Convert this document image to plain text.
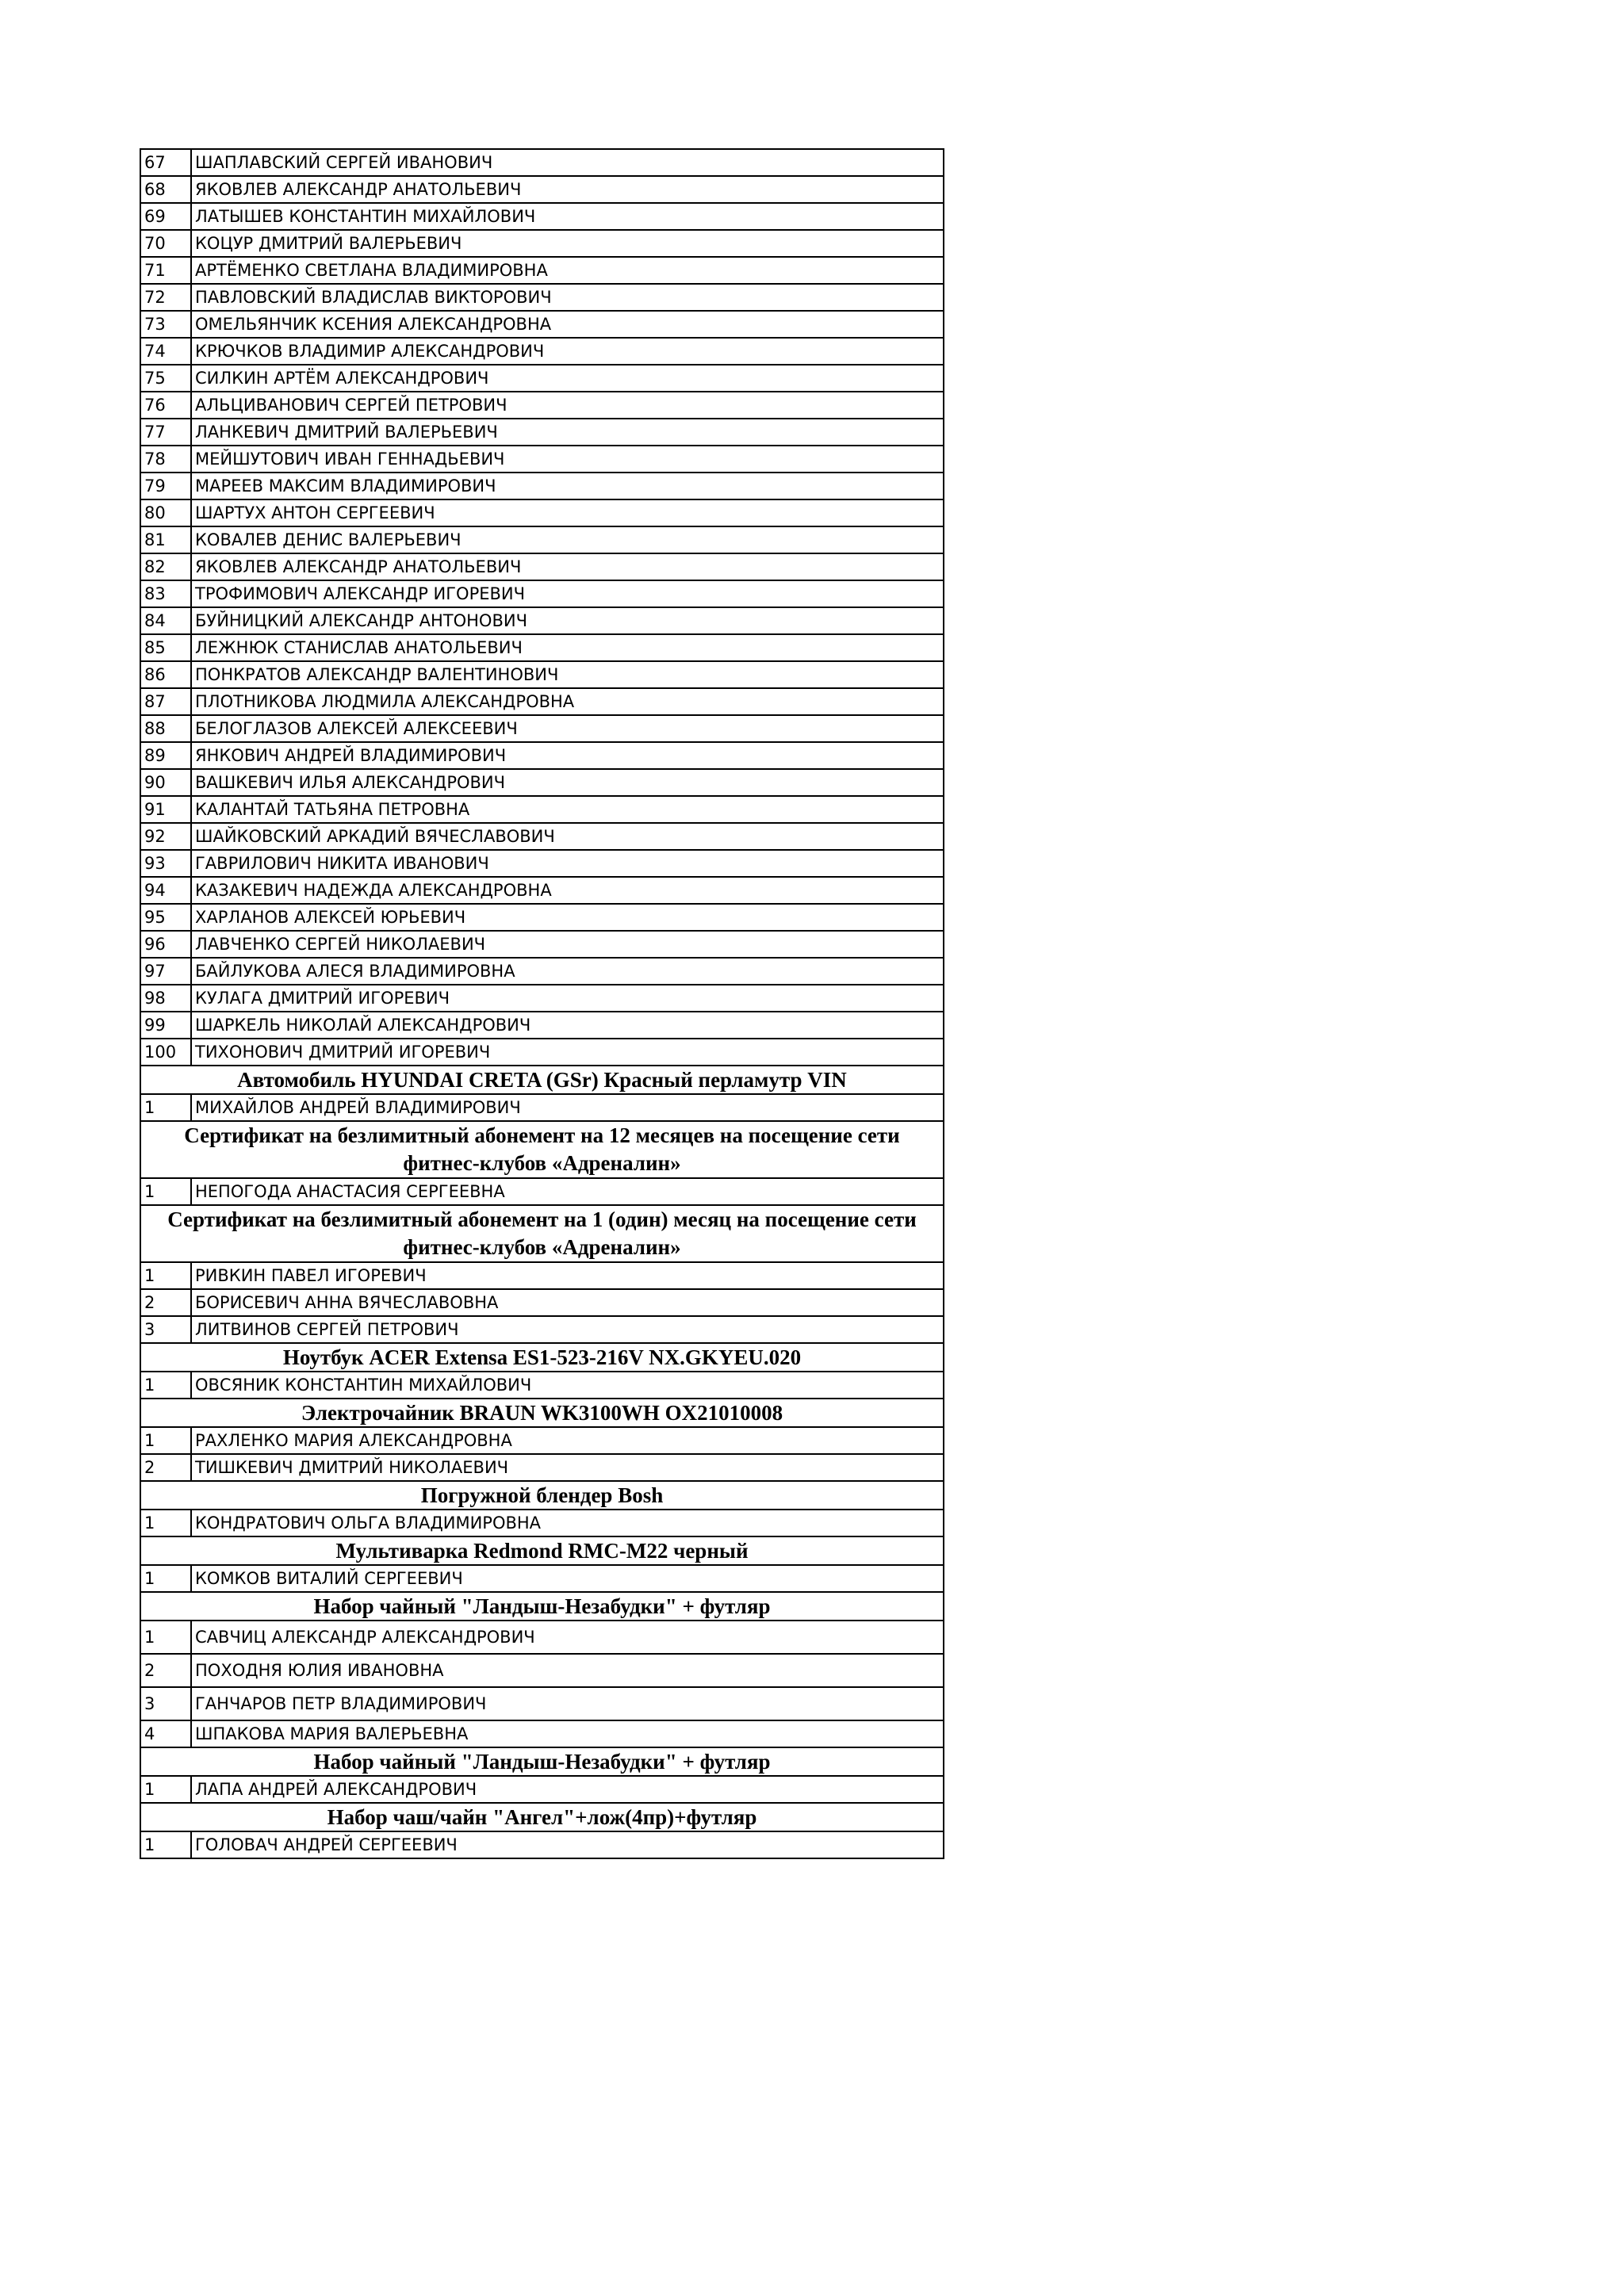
67	ШАПЛАВСКИЙ СЕРГЕЙ ИВАНОВИЧ
68	ЯКОВЛЕВ АЛЕКСАНДР АНАТОЛЬЕВИЧ
69	ЛАТЫШЕВ КОНСТАНТИН МИХАЙЛОВИЧ
70	КОЦУР ДМИТРИЙ ВАЛЕРЬЕВИЧ
71	АРТЁМЕНКО СВЕТЛАНА ВЛАДИМИРОВНА
72	ПАВЛОВСКИЙ ВЛАДИСЛАВ ВИКТОРОВИЧ
73	ОМЕЛЬЯНЧИК КСЕНИЯ АЛЕКСАНДРОВНА
74	КРЮЧКОВ ВЛАДИМИР АЛЕКСАНДРОВИЧ
75	СИЛКИН АРТЁМ АЛЕКСАНДРОВИЧ
76	АЛЬЦИВАНОВИЧ СЕРГЕЙ ПЕТРОВИЧ
77	ЛАНКЕВИЧ ДМИТРИЙ ВАЛЕРЬЕВИЧ
78	МЕЙШУТОВИЧ ИВАН ГЕННАДЬЕВИЧ
79	МАРЕЕВ МАКСИМ ВЛАДИМИРОВИЧ
80	ШАРТУХ АНТОН СЕРГЕЕВИЧ
81	КОВАЛЕВ ДЕНИС ВАЛЕРЬЕВИЧ
82	ЯКОВЛЕВ АЛЕКСАНДР АНАТОЛЬЕВИЧ
83	ТРОФИМОВИЧ АЛЕКСАНДР ИГОРЕВИЧ
84	БУЙНИЦКИЙ АЛЕКСАНДР АНТОНОВИЧ
85	ЛЕЖНЮК СТАНИСЛАВ АНАТОЛЬЕВИЧ
86	ПОНКРАТОВ АЛЕКСАНДР ВАЛЕНТИНОВИЧ
87	ПЛОТНИКОВА ЛЮДМИЛА АЛЕКСАНДРОВНА
88	БЕЛОГЛАЗОВ АЛЕКСЕЙ АЛЕКСЕЕВИЧ
89	ЯНКОВИЧ АНДРЕЙ ВЛАДИМИРОВИЧ
90	ВАШКЕВИЧ ИЛЬЯ АЛЕКСАНДРОВИЧ
91	КАЛАНТАЙ ТАТЬЯНА ПЕТРОВНА
92	ШАЙКОВСКИЙ АРКАДИЙ ВЯЧЕСЛАВОВИЧ
93	ГАВРИЛОВИЧ НИКИТА ИВАНОВИЧ
94	КАЗАКЕВИЧ НАДЕЖДА АЛЕКСАНДРОВНА
95	ХАРЛАНОВ АЛЕКСЕЙ ЮРЬЕВИЧ
96	ЛАВЧЕНКО СЕРГЕЙ НИКОЛАЕВИЧ
97	БАЙЛУКОВА АЛЕСЯ ВЛАДИМИРОВНА
98	КУЛАГА ДМИТРИЙ ИГОРЕВИЧ
99	ШАРКЕЛЬ НИКОЛАЙ АЛЕКСАНДРОВИЧ
100	ТИХОНОВИЧ ДМИТРИЙ ИГОРЕВИЧ
Автомобиль HYUNDAI CRETA (GSr) Красный перламутр VIN	
1	МИХАЙЛОВ АНДРЕЙ ВЛАДИМИРОВИЧ
Сертификат на безлимитный абонемент на 12 месяцев на посещение сети фитнес-клубов «Адреналин»	
1	НЕПОГОДА АНАСТАСИЯ СЕРГЕЕВНА
Сертификат на безлимитный абонемент на 1 (один) месяц на посещение сети фитнес-клубов «Адреналин»	
1	РИВКИН ПАВЕЛ ИГОРЕВИЧ
2	БОРИСЕВИЧ АННА ВЯЧЕСЛАВОВНА
3	ЛИТВИНОВ СЕРГЕЙ ПЕТРОВИЧ
Ноутбук ACER Extensa ES1-523-216V NX.GKYEU.020	
1	ОВСЯНИК КОНСТАНТИН МИХАЙЛОВИЧ
Электрочайник BRAUN WK3100WH OX21010008	
1	РАХЛЕНКО МАРИЯ АЛЕКСАНДРОВНА
2	ТИШКЕВИЧ ДМИТРИЙ НИКОЛАЕВИЧ
Погружной блендер Bosh	
1	КОНДРАТОВИЧ ОЛЬГА ВЛАДИМИРОВНА
Мультиварка Redmond RMC-M22 черный	
1	КОМКОВ ВИТАЛИЙ СЕРГЕЕВИЧ
Набор чайный "Ландыш-Незабудки" + футляр	
1	САВЧИЦ АЛЕКСАНДР АЛЕКСАНДРОВИЧ
2	ПОХОДНЯ ЮЛИЯ ИВАНОВНА
3	ГАНЧАРОВ ПЕТР ВЛАДИМИРОВИЧ
4	ШПАКОВА МАРИЯ ВАЛЕРЬЕВНА
Набор чайный "Ландыш-Незабудки" + футляр	
1	ЛАПА АНДРЕЙ АЛЕКСАНДРОВИЧ
Набор чаш/чайн "Ангел"+лож(4пр)+футляр	
1	ГОЛОВАЧ АНДРЕЙ СЕРГЕЕВИЧ
